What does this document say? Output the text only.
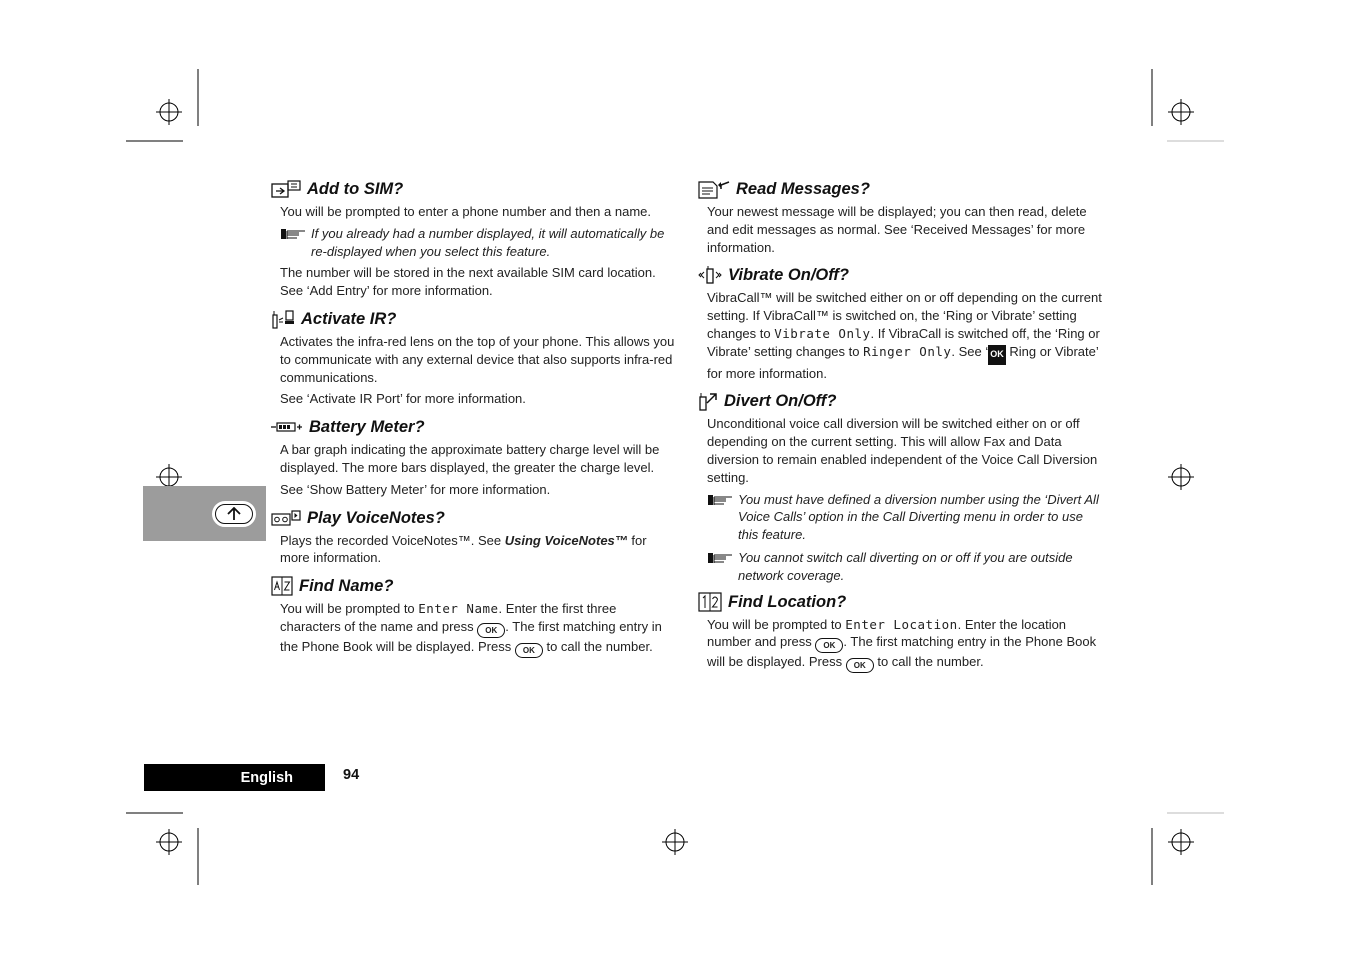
Add to SIM?

You will be prompted to enter a phone number and then a name.

If you already had a number displayed, it will automatically be re-displayed when you select this feature.

The number will be stored in the next available SIM card location. See ‘Add Entry’ for more information.

Activate IR?

Activates the infra-red lens on the top of your phone. This allows you to communicate with any external device that also supports infra-red communications.

See ‘Activate IR Port’ for more information.

Battery Meter?

A bar graph indicating the approximate battery charge level will be displayed. The more bars displayed, the greater the charge level.

See ‘Show Battery Meter’ for more information.

Play VoiceNotes?

Plays the recorded VoiceNotes™. See Using VoiceNotes™ for more information.

Find Name?

You will be prompted to Enter Name. Enter the first three characters of the name and press OK . The first matching entry in the Phone Book will be displayed. Press OK to call the number.

Read Messages?

Your newest message will be displayed; you can then read, delete and edit messages as normal. See ‘Received Messages’ for more information.

Vibrate On/Off?

VibraCall™ will be switched either on or off depending on the current setting. If VibraCall™ is switched on, the ‘Ring or Vibrate’ setting changes to Vibrate Only. If VibraCall is switched off, the ‘Ring or Vibrate’ setting changes to Ringer Only. See ‘ OK Ring or Vibrate’ for more information.

Divert On/Off?

Unconditional voice call diversion will be switched either on or off depending on the current setting. This will allow Fax and Data diversion to remain enabled independent of the Voice Call Diversion setting.

You must have defined a diversion number using the ‘Divert All Voice Calls’ option in the Call Diverting menu in order to use this feature.
You cannot switch call diverting on or off if you are outside network coverage.
Find Location?

You will be prompted to Enter Location. Enter the location number and press OK . The first matching entry in the Phone Book will be displayed. Press OK to call the number.

English	94
